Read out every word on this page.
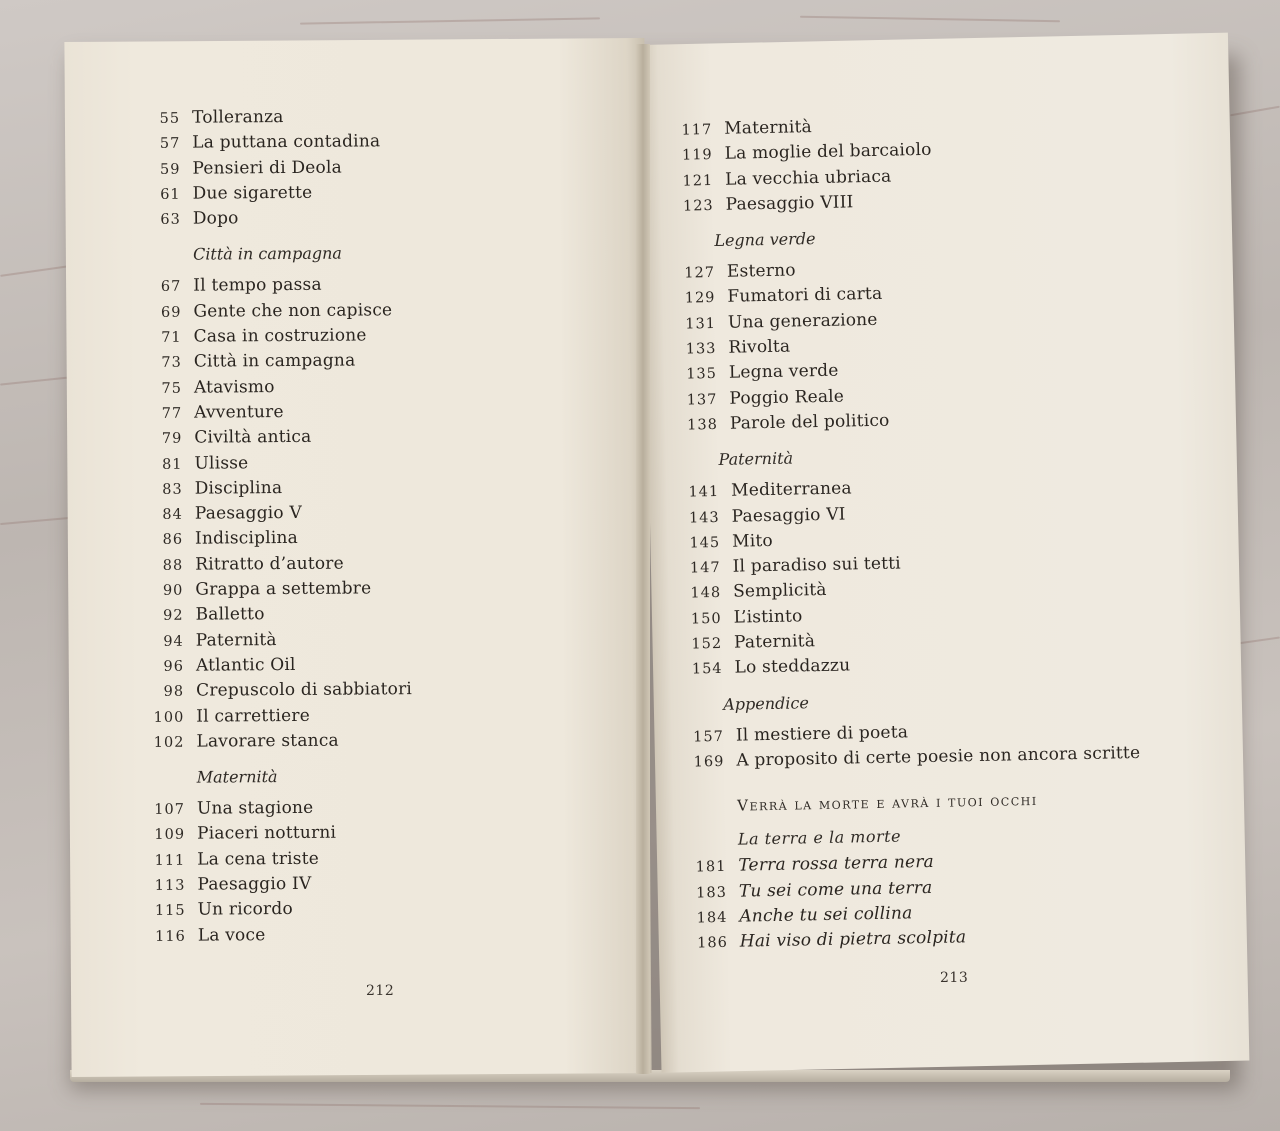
55 Tolleranza
57 La puttana contadina
59 Pensieri di Deola
61 Due sigarette
63 Dopo
Città in campagna
67 Il tempo passa
69 Gente che non capisce
71 Casa in costruzione
73 Città in campagna
75 Atavismo
77 Avventure
79 Civiltà antica
81 Ulisse
83 Disciplina
84 Paesaggio V
86 Indisciplina
88 Ritratto d’autore
90 Grappa a settembre
92 Balletto
94 Paternità
96 Atlantic Oil
98 Crepuscolo di sabbiatori
100 Il carrettiere
102 Lavorare stanca
Maternità
107 Una stagione
109 Piaceri notturni
111 La cena triste
113 Paesaggio IV
115 Un ricordo
116 La voce
212
117 Maternità
119 La moglie del barcaiolo
121 La vecchia ubriaca
123 Paesaggio VIII
Legna verde
127 Esterno
129 Fumatori di carta
131 Una generazione
133 Rivolta
135 Legna verde
137 Poggio Reale
138 Parole del politico
Paternità
141 Mediterranea
143 Paesaggio VI
145 Mito
147 Il paradiso sui tetti
148 Semplicità
150 L’istinto
152 Paternità
154 Lo steddazzu
Appendice
157 Il mestiere di poeta
169 A proposito di certe poesie non ancora scritte
Verrà la morte e avrà i tuoi occhi
La terra e la morte
181 Terra rossa terra nera
183 Tu sei come una terra
184 Anche tu sei collina
186 Hai viso di pietra scolpita
213
